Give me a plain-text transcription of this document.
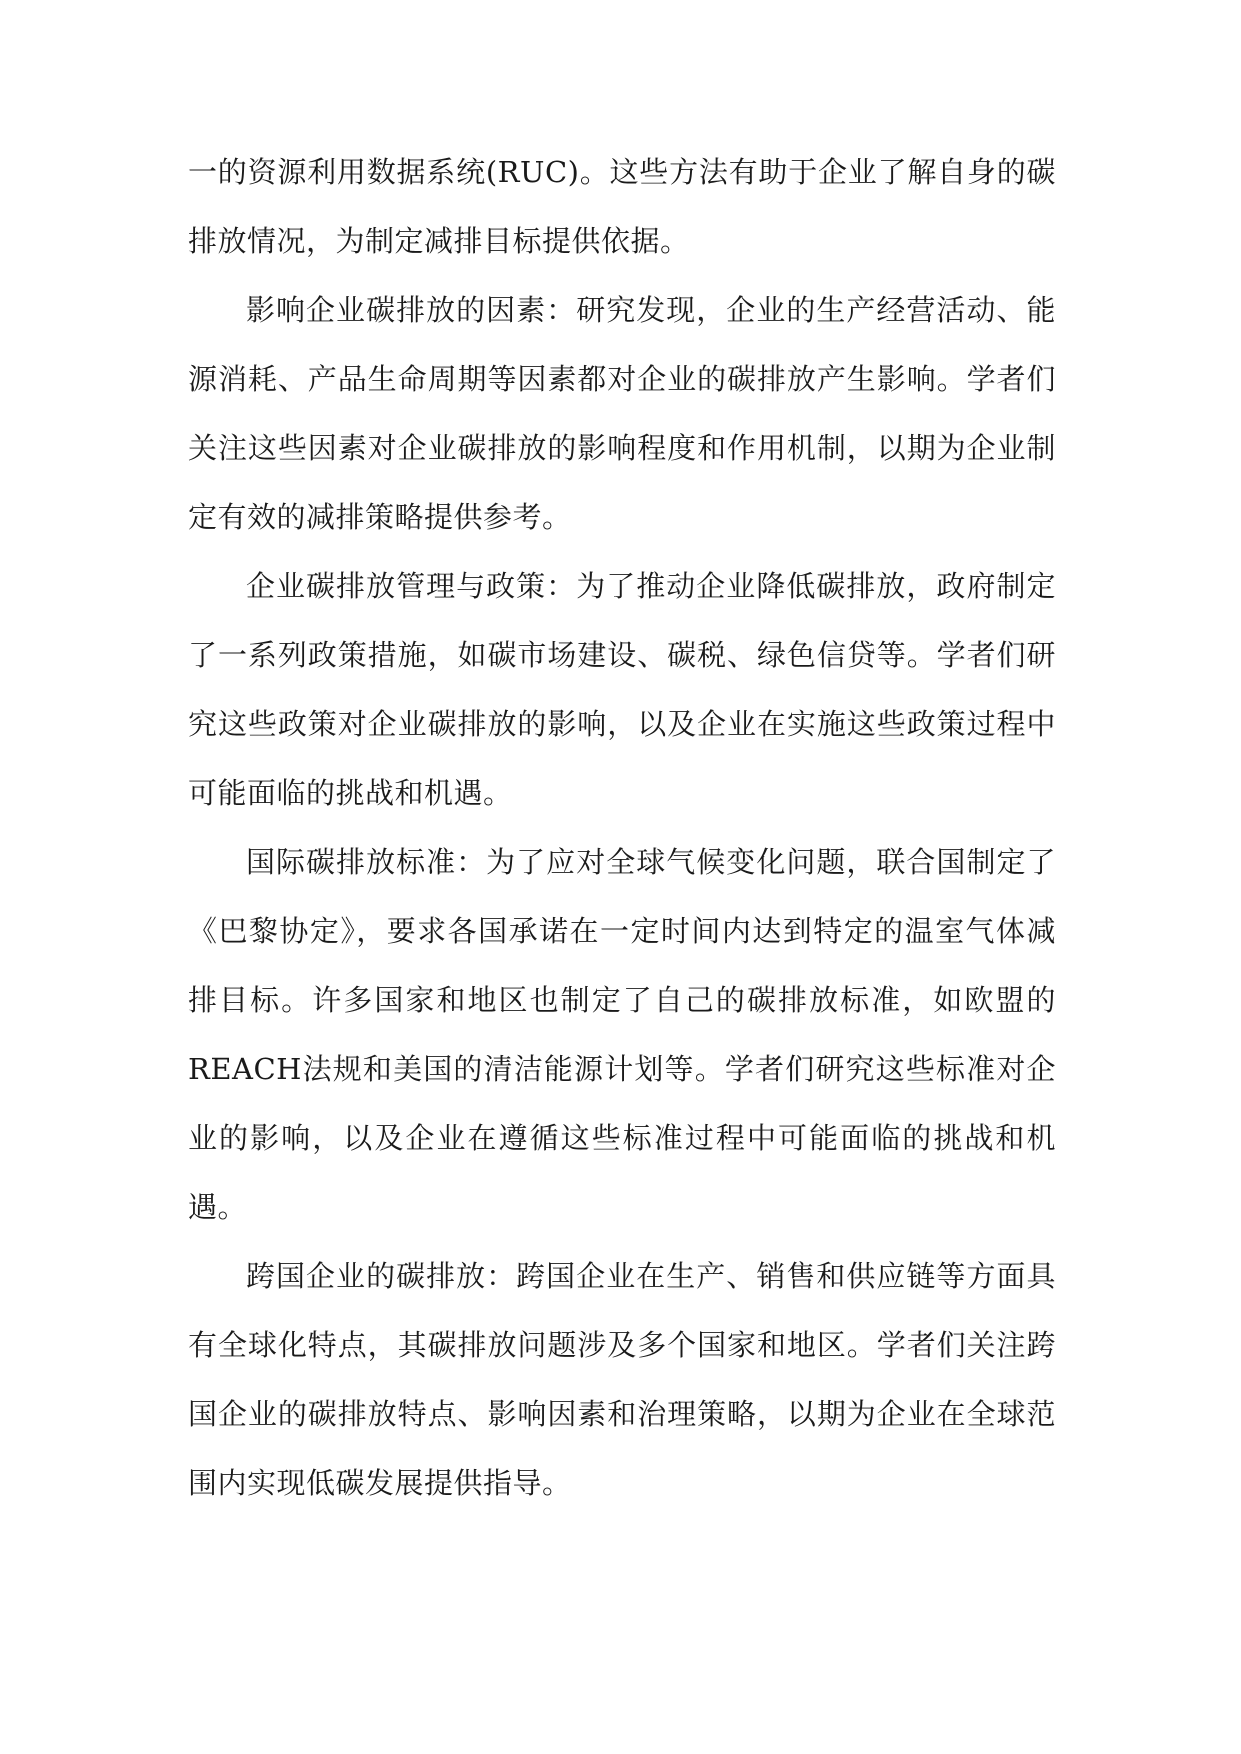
一的资源利用数据系统(RUC)。这些方法有助于企业了解自身的碳排放情况，为制定减排目标提供依据。

影响企业碳排放的因素：研究发现，企业的生产经营活动、能源消耗、产品生命周期等因素都对企业的碳排放产生影响。学者们关注这些因素对企业碳排放的影响程度和作用机制，以期为企业制定有效的减排策略提供参考。

企业碳排放管理与政策：为了推动企业降低碳排放，政府制定了一系列政策措施，如碳市场建设、碳税、绿色信贷等。学者们研究这些政策对企业碳排放的影响，以及企业在实施这些政策过程中可能面临的挑战和机遇。

国际碳排放标准：为了应对全球气候变化问题，联合国制定了《巴黎协定》，要求各国承诺在一定时间内达到特定的温室气体减排目标。许多国家和地区也制定了自己的碳排放标准，如欧盟的REACH法规和美国的清洁能源计划等。学者们研究这些标准对企业的影响，以及企业在遵循这些标准过程中可能面临的挑战和机遇。

跨国企业的碳排放：跨国企业在生产、销售和供应链等方面具有全球化特点，其碳排放问题涉及多个国家和地区。学者们关注跨国企业的碳排放特点、影响因素和治理策略，以期为企业在全球范围内实现低碳发展提供指导。
